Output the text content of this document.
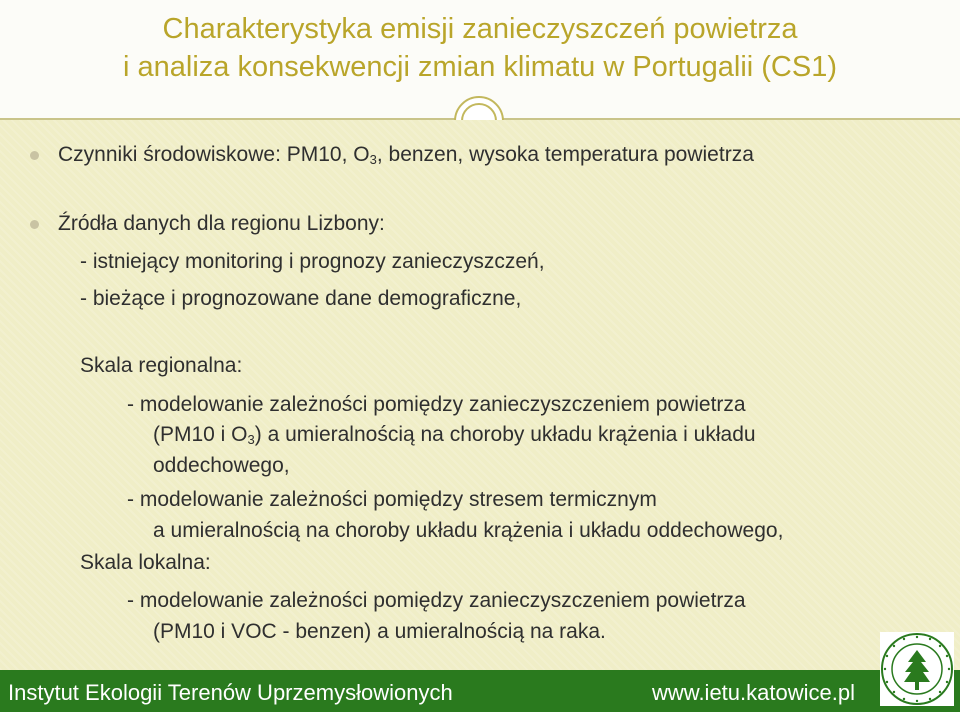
Charakterystyka emisji zanieczyszczeń powietrza
i analiza konsekwencji zmian klimatu w Portugalii (CS1)
Czynniki środowiskowe: PM10, $O_3$, benzen, wysoka temperatura powietrza
Źródła danych dla regionu Lizbony:
- istniejący monitoring i prognozy zanieczyszczeń,
- bieżące i prognozowane dane demograficzne,
Skala regionalna:
- modelowanie zależności pomiędzy zanieczyszczeniem powietrza
(PM10 i $O_3$) a umieralnością na choroby układu krążenia i układu
oddechowego,
- modelowanie zależności pomiędzy stresem termicznym
a umieralnością na choroby układu krążenia i układu oddechowego,
Skala lokalna:
- modelowanie zależności pomiędzy zanieczyszczeniem powietrza
(PM10 i VOC - benzen) a umieralnością na raka.
Instytut Ekologii Terenów Uprzemysłowionych	www.ietu.katowice.pl
